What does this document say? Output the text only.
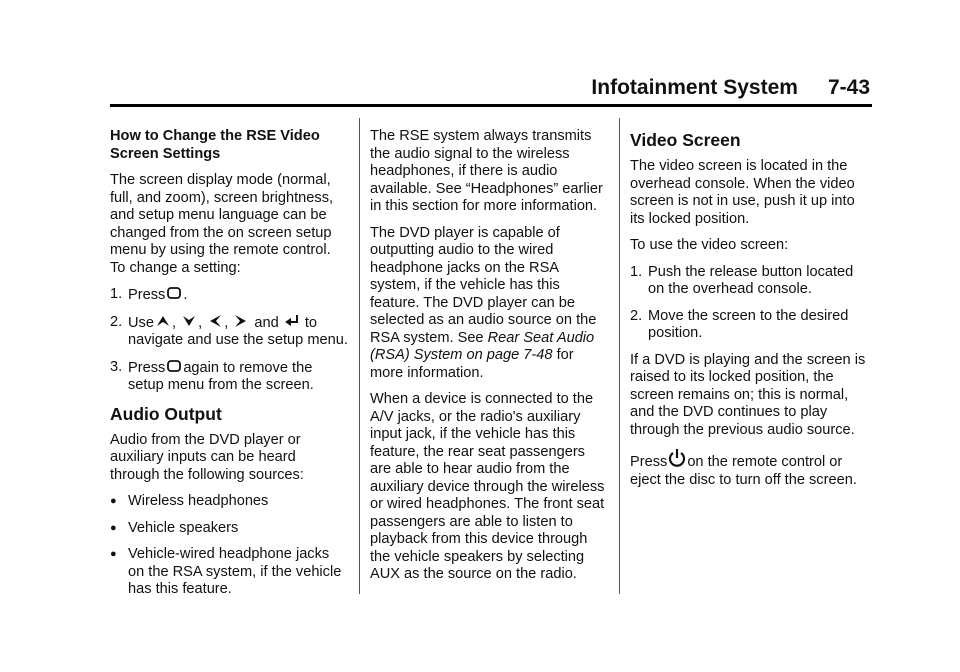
Infotainment System 7-43

How to Change the RSE Video Screen Settings

The screen display mode (normal, full, and zoom), screen brightness, and setup menu language can be changed from the on screen setup menu by using the remote control. To change a setting:

1. Press .
2. Use , , , and to navigate and use the setup menu.
3. Press again to remove the setup menu from the screen.
Audio Output

Audio from the DVD player or auxiliary inputs can be heard through the following sources:

● Wireless headphones
● Vehicle speakers
● Vehicle-wired headphone jacks on the RSA system, if the vehicle has this feature.

The RSE system always transmits the audio signal to the wireless headphones, if there is audio available. See “Headphones” earlier in this section for more information.

The DVD player is capable of outputting audio to the wired headphone jacks on the RSA system, if the vehicle has this feature. The DVD player can be selected as an audio source on the RSA system. See Rear Seat Audio (RSA) System on page 7-48 for more information.

When a device is connected to the A/V jacks, or the radio's auxiliary input jack, if the vehicle has this feature, the rear seat passengers are able to hear audio from the auxiliary device through the wireless or wired headphones. The front seat passengers are able to listen to playback from this device through the vehicle speakers by selecting AUX as the source on the radio.

Video Screen

The video screen is located in the overhead console. When the video screen is not in use, push it up into its locked position.

To use the video screen:

1. Push the release button located on the overhead console.
2. Move the screen to the desired position.

If a DVD is playing and the screen is raised to its locked position, the screen remains on; this is normal, and the DVD continues to play through the previous audio source.

Press on the remote control or eject the disc to turn off the screen.
